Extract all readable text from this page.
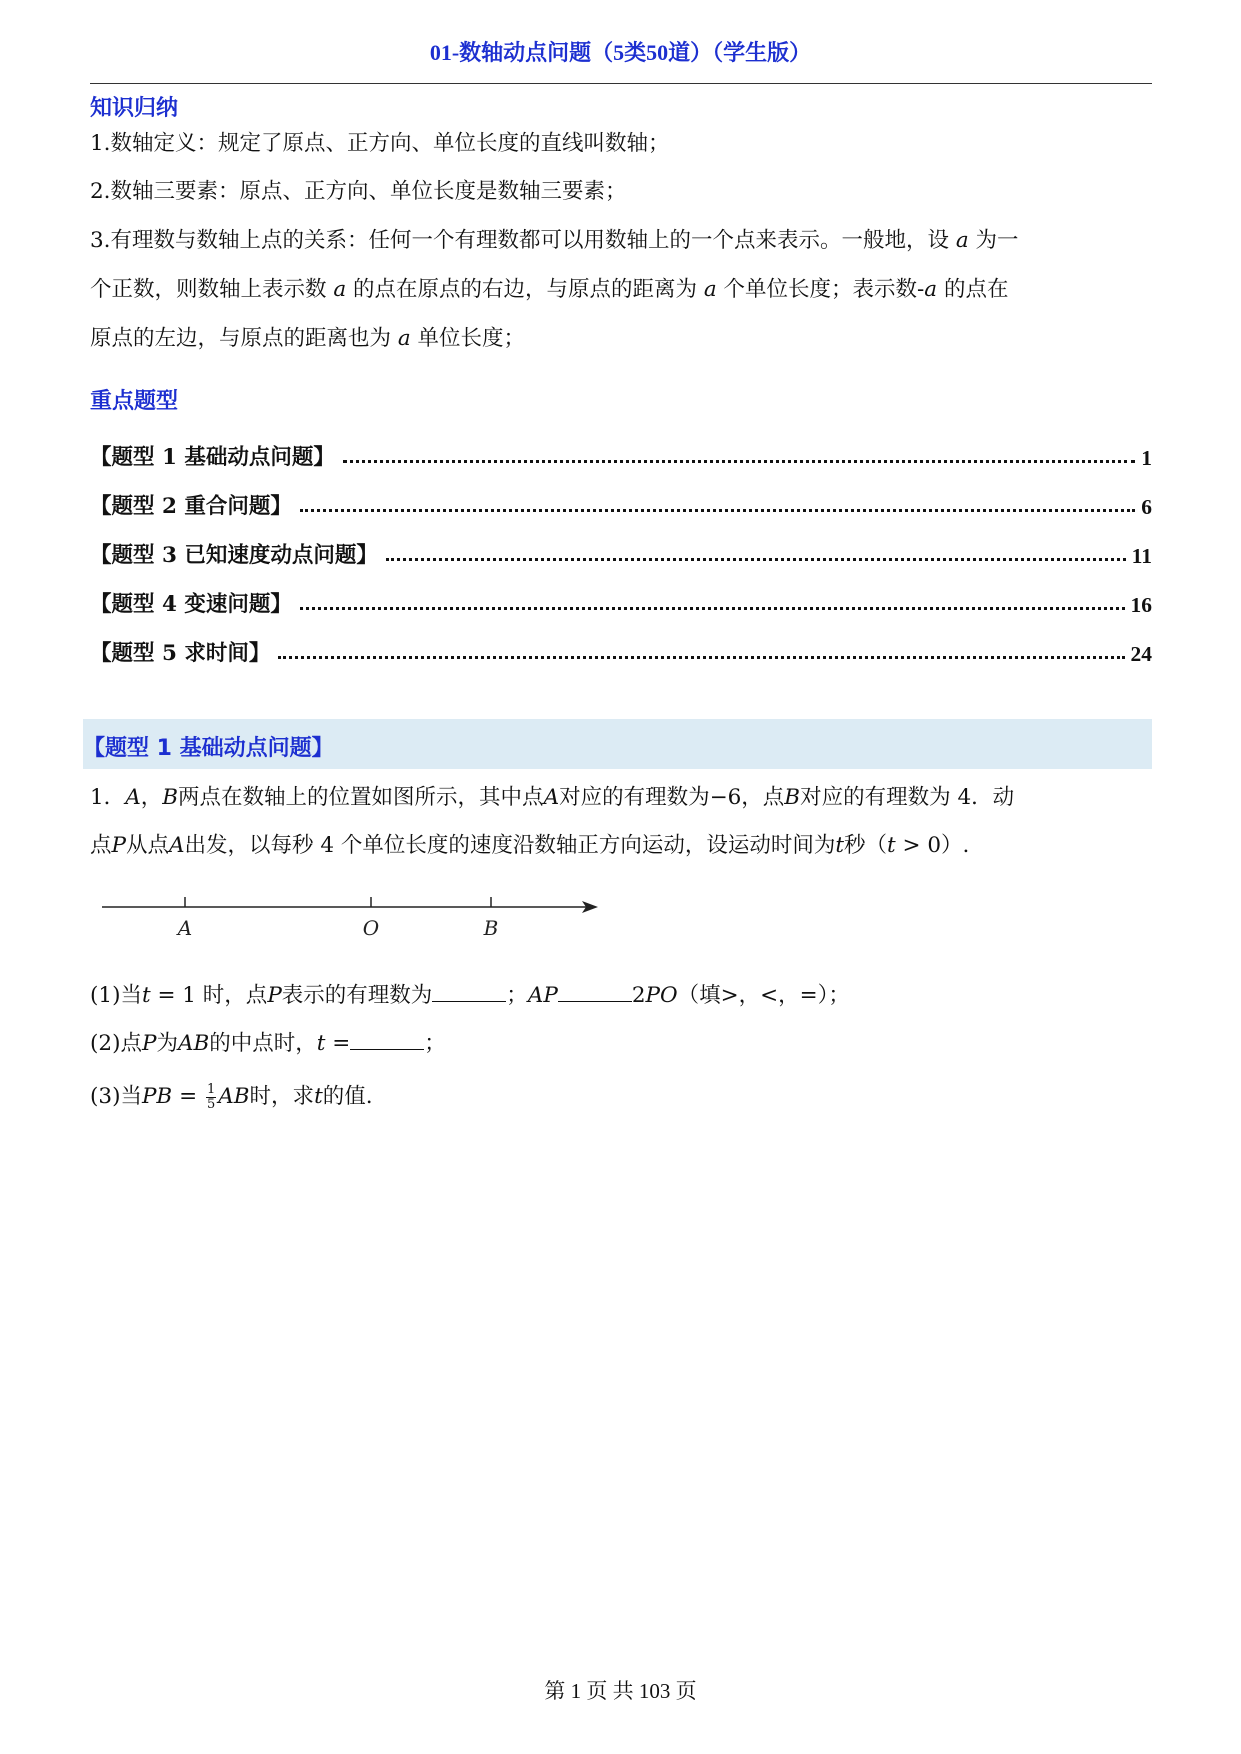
01-数轴动点问题（5类50道）（学生版）
知识归纳
1.数轴定义：规定了原点、正方向、单位长度的直线叫数轴；
2.数轴三要素：原点、正方向、单位长度是数轴三要素；
3.有理数与数轴上点的关系：任何一个有理数都可以用数轴上的一个点来表示。一般地，设 a 为一
个正数，则数轴上表示数 a 的点在原点的右边，与原点的距离为 a 个单位长度；表示数-a 的点在
原点的左边，与原点的距离也为 a 单位长度；
重点题型
【题型 1 基础动点问题】	1
【题型 2 重合问题】	6
【题型 3 已知速度动点问题】	11
【题型 4 变速问题】	16
【题型 5 求时间】	24
【题型 1 基础动点问题】
1．A，B两点在数轴上的位置如图所示，其中点A对应的有理数为−6，点B对应的有理数为 4．动
点P从点A出发，以每秒 4 个单位长度的速度沿数轴正方向运动，设运动时间为t秒（t > 0）.
A	O	B
(1)当t = 1 时，点P表示的有理数为	；AP	2PO（填>，<，=）；
(2)点P为AB的中点时，t =	；
(3)当PB = $\frac{1}{5}$ AB时，求t的值.
第 1 页 共 103 页
